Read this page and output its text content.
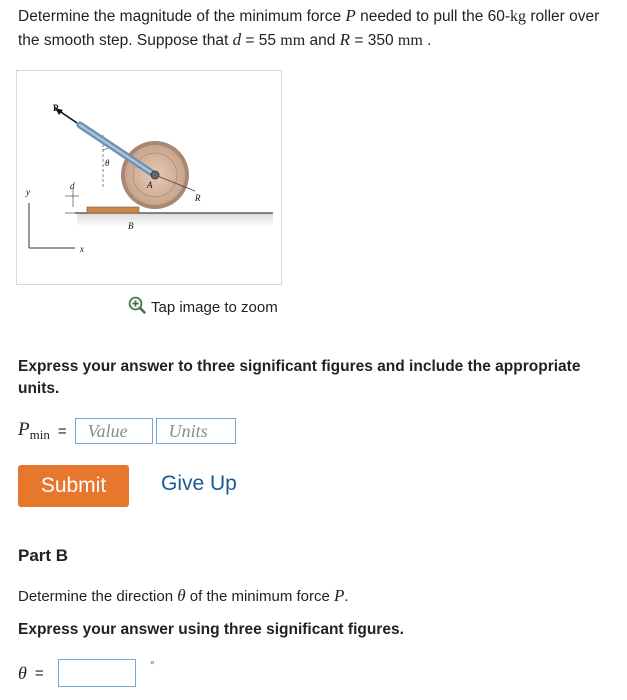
Determine the magnitude of the minimum force P needed to pull the 60-kg roller over the smooth step. Suppose that d = 55 mm and R = 350 mm .
P
θ
d
y
x
A
B
R
Tap image to zoom
Express your answer to three significant figures and include the appropriate units.
$P_{min}$ = Value Units
Submit	Give Up
Part B
Determine the direction θ of the minimum force P.
Express your answer using three significant figures.
θ =	°
